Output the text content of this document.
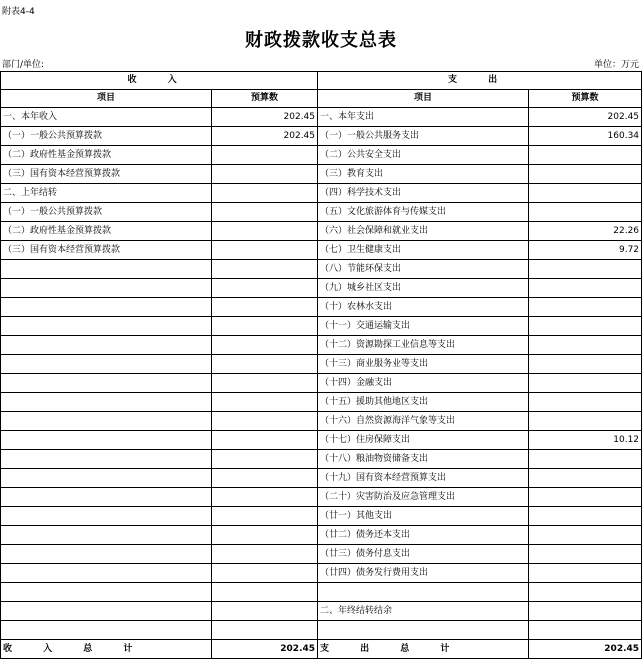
附表4-4
财政拨款收支总表
部门/单位:	单位：万元
收 入		支 出	
项目	预算数	项目	预算数
一、本年收入	202.45	一、本年支出	202.45
（一）一般公共预算拨款	202.45	（一）一般公共服务支出	160.34
（二）政府性基金预算拨款		（二）公共安全支出	
（三）国有资本经营预算拨款		（三）教育支出	
二、上年结转		（四）科学技术支出	
（一）一般公共预算拨款		（五）文化旅游体育与传媒支出	
（二）政府性基金预算拨款		（六）社会保障和就业支出	22.26
（三）国有资本经营预算拨款		（七）卫生健康支出	9.72
		（八）节能环保支出	
		（九）城乡社区支出	
		（十）农林水支出	
		（十一）交通运输支出	
		（十二）资源勘探工业信息等支出	
		（十三）商业服务业等支出	
		（十四）金融支出	
		（十五）援助其他地区支出	
		（十六）自然资源海洋气象等支出	
		（十七）住房保障支出	10.12
		（十八）粮油物资储备支出	
		（十九）国有资本经营预算支出	
		（二十）灾害防治及应急管理支出	
		（廿一）其他支出	
		（廿二）债务还本支出	
		（廿三）债务付息支出	
		（廿四）债务发行费用支出	

		二、年终结转结余	

收 入 总 计	202.45	支 出 总 计	202.45
